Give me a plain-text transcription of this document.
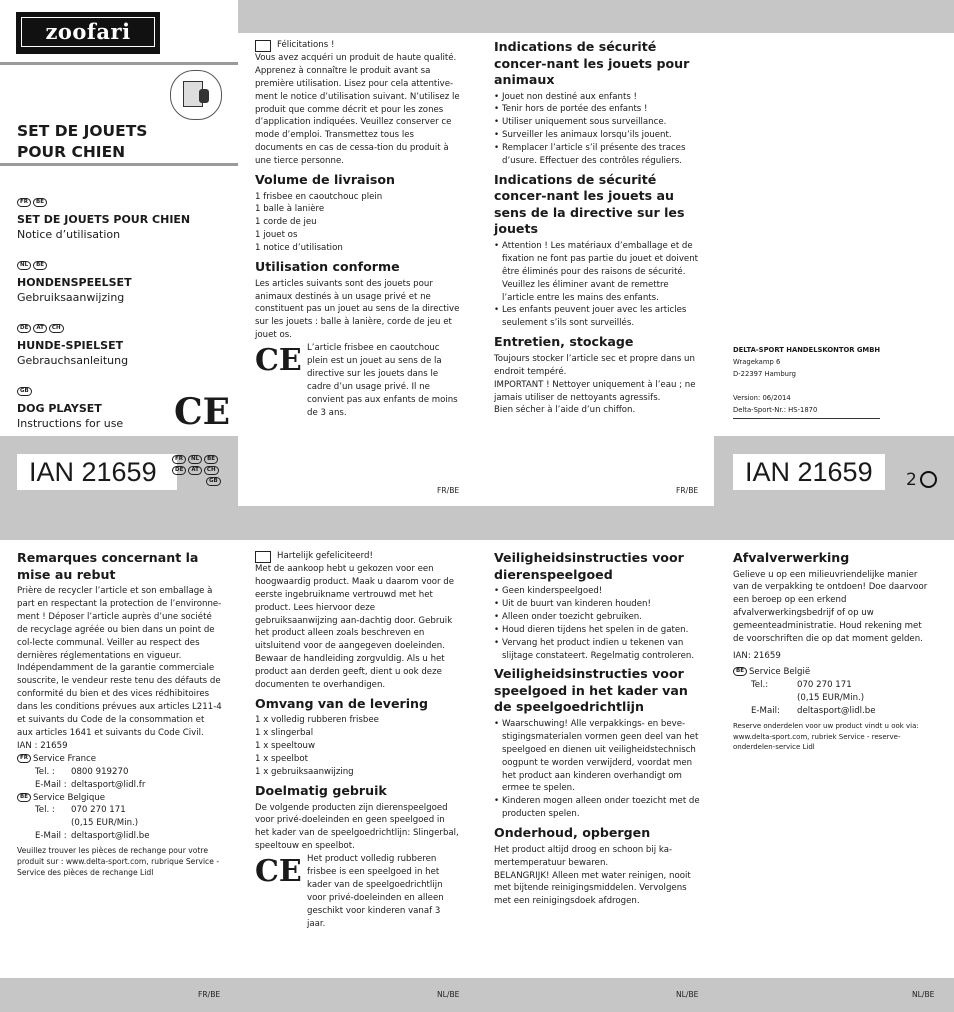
zoofari
SET DE JOUETS
POUR CHIEN
FR BE
SET DE JOUETS POUR CHIEN
Notice d’utilisation
NL BE
HONDENSPEELSET
Gebruiksaanwijzing
DE AT CH
HUNDE-SPIELSET
Gebrauchsanleitung
GB
DOG PLAYSET
Instructions for use	CE
IAN 21659	FR NL BE
DE AT CH
GB

Félicitations !

Vous avez acquéri un produit de haute qualité. Apprenez à connaître le produit avant sa première utilisation. Lisez pour cela attentive-ment le notice d’utilisation suivant. N’utilisez le produit que comme décrit et pour les zones d’application indiquées. Veuillez conserver ce mode d’emploi. Transmettez tous les documents en cas de cessa-tion du produit à une tierce personne.

Volume de livraison

1 frisbee en caoutchouc plein

1 balle à lanière

1 corde de jeu

1 jouet os

1 notice d’utilisation

Utilisation conforme

Les articles suivants sont des jouets pour animaux destinés à un usage privé et ne constituent pas un jouet au sens de la directive sur les jouets : balle à lanière, corde de jeu et jouet os.

CE L’article frisbee en caoutchouc plein est un jouet au sens de la directive sur les jouets dans le cadre d’un usage privé. Il ne convient pas aux enfants de moins de 3 ans.

Indications de sécurité concer-nant les jouets pour animaux
• Jouet non destiné aux enfants !
• Tenir hors de portée des enfants !
• Utiliser uniquement sous surveillance.
• Surveiller les animaux lorsqu’ils jouent.
• Remplacer l’article s’il présente des traces d’usure. Effectuer des contrôles réguliers.
Indications de sécurité concer-nant les jouets au sens de la directive sur les jouets
• Attention ! Les matériaux d’emballage et de fixation ne font pas partie du jouet et doivent être éliminés pour des raisons de sécurité. Veuillez les éliminer avant de remettre l’article entre les mains des enfants.
• Les enfants peuvent jouer avec les articles seulement s’ils sont surveillés.
Entretien, stockage

Toujours stocker l’article sec et propre dans un endroit tempéré.

IMPORTANT ! Nettoyer uniquement à l’eau ; ne jamais utiliser de nettoyants agressifs.

Bien sécher à l’aide d’un chiffon.

DELTA-SPORT HANDELSKONTOR GMBH
Wragekamp 6
D-22397 Hamburg
Version: 06/2014
Delta-Sport-Nr.: HS-1870
IAN 21659	2
FR/BE	FR/BE
Remarques concernant la mise au rebut

Prière de recycler l’article et son emballage à part en respectant la protection de l’environne-ment ! Déposer l’article auprès d’une société de recyclage agréée ou bien dans un point de col-lecte communal. Veiller au respect des dernières réglementations en vigueur.

Indépendamment de la garantie commerciale souscrite, le vendeur reste tenu des défauts de conformité du bien et des vices rédhibitoires dans les conditions prévues aux articles L211-4 et suivants du Code de la consommation et aux articles 1641 et suivants du Code Civil.

IAN : 21659

FR Service France

Tel. : 0800 919270

E-Mail : deltasport@lidl.fr

BE Service Belgique

Tel. : 070 270 171

(0,15 EUR/Min.)

E-Mail : deltasport@lidl.be

Veuillez trouver les pièces de rechange pour votre produit sur : www.delta-sport.com, rubrique Service - Service des pièces de rechange Lidl

Hartelijk gefeliciteerd!

Met de aankoop hebt u gekozen voor een hoogwaardig product. Maak u daarom voor de eerste ingebruikname vertrouwd met het product. Lees hiervoor deze gebruiksaanwijzing aan-dachtig door. Gebruik het product alleen zoals beschreven en uitsluitend voor de aangegeven doeleinden. Bewaar de handleiding zorgvuldig. Als u het product aan derden geeft, dient u ook deze documenten te overhandigen.

Omvang van de levering

1 x volledig rubberen frisbee

1 x slingerbal

1 x speeltouw

1 x speelbot

1 x gebruiksaanwijzing

Doelmatig gebruik

De volgende producten zijn dierenspeelgoed voor privé-doeleinden en geen speelgoed in het kader van de speelgoedrichtlijn: Slingerbal, speeltouw en speelbot.

CE Het product volledig rubberen frisbee is een speelgoed in het kader van de speelgoedrichtlijn voor privé-doeleinden en alleen geschikt voor kinderen vanaf 3 jaar.

Veiligheidsinstructies voor dierenspeelgoed
• Geen kinderspeelgoed!
• Uit de buurt van kinderen houden!
• Alleen onder toezicht gebruiken.
• Houd dieren tijdens het spelen in de gaten.
• Vervang het product indien u tekenen van slijtage constateert. Regelmatig controleren.
Veiligheidsinstructies voor speelgoed in het kader van de speelgoedrichtlijn
• Waarschuwing! Alle verpakkings- en beve-stigingsmaterialen vormen geen deel van het speelgoed en dienen uit veiligheidstechnisch oogpunt te worden verwijderd, voordat men het product aan kinderen overhandigt om ermee te spelen.
• Kinderen mogen alleen onder toezicht met de producten spelen.
Onderhoud, opbergen

Het product altijd droog en schoon bij ka-mertemperatuur bewaren.

BELANGRIJK! Alleen met water reinigen, nooit met bijtende reinigingsmiddelen. Vervolgens met een reinigingsdoek afdrogen.

Afvalverwerking

Gelieve u op een milieuvriendelijke manier van de verpakking te ontdoen! Doe daarvoor een beroep op een erkend afvalverwerkingsbedrijf of op uw gemeenteadministratie. Houd rekening met de voorschriften die op dat moment gelden.

IAN: 21659

BE Service België

Tel.:	070 270 171

(0,15 EUR/Min.)

E-Mail: deltasport@lidl.be

Reserve onderdelen voor uw product vindt u ook via: www.delta-sport.com, rubriek Service - reserve-onderdelen-service Lidl

FR/BE	NL/BE	NL/BE	NL/BE
